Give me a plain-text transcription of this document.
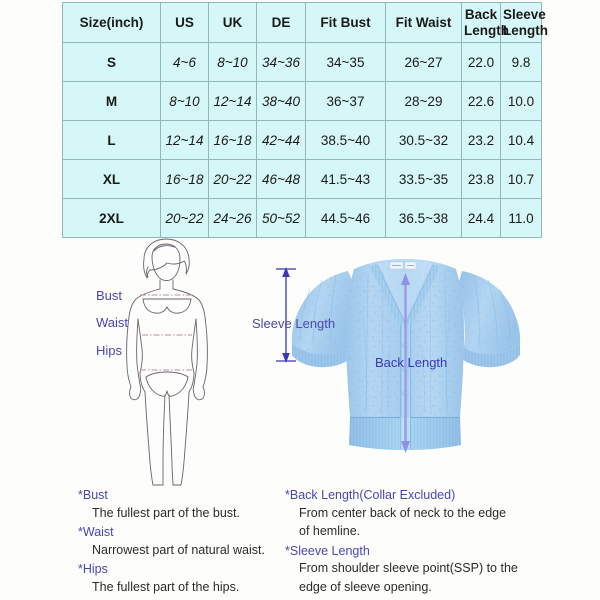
Size(inch)	US	UK	DE	Fit Bust	Fit Waist	Back Length	Sleeve Length
S	4~6	8~10	34~36	34~35	26~27	22.0	9.8
M	8~10	12~14	38~40	36~37	28~29	22.6	10.0
L	12~14	16~18	42~44	38.5~40	30.5~32	23.2	10.4
XL	16~18	20~22	46~48	41.5~43	33.5~35	23.8	10.7
2XL	20~22	24~26	50~52	44.5~46	36.5~38	24.4	11.0
Bust
Waist
Hips
Sleeve Length
Back Length

*Bust

The fullest part of the bust.

*Waist

Narrowest part of natural waist.

*Hips

The fullest part of the hips.

*Back Length(Collar Excluded)

From center back of neck to the edge

of hemline.

*Sleeve Length

From shoulder sleeve point(SSP) to the

edge of sleeve opening.
